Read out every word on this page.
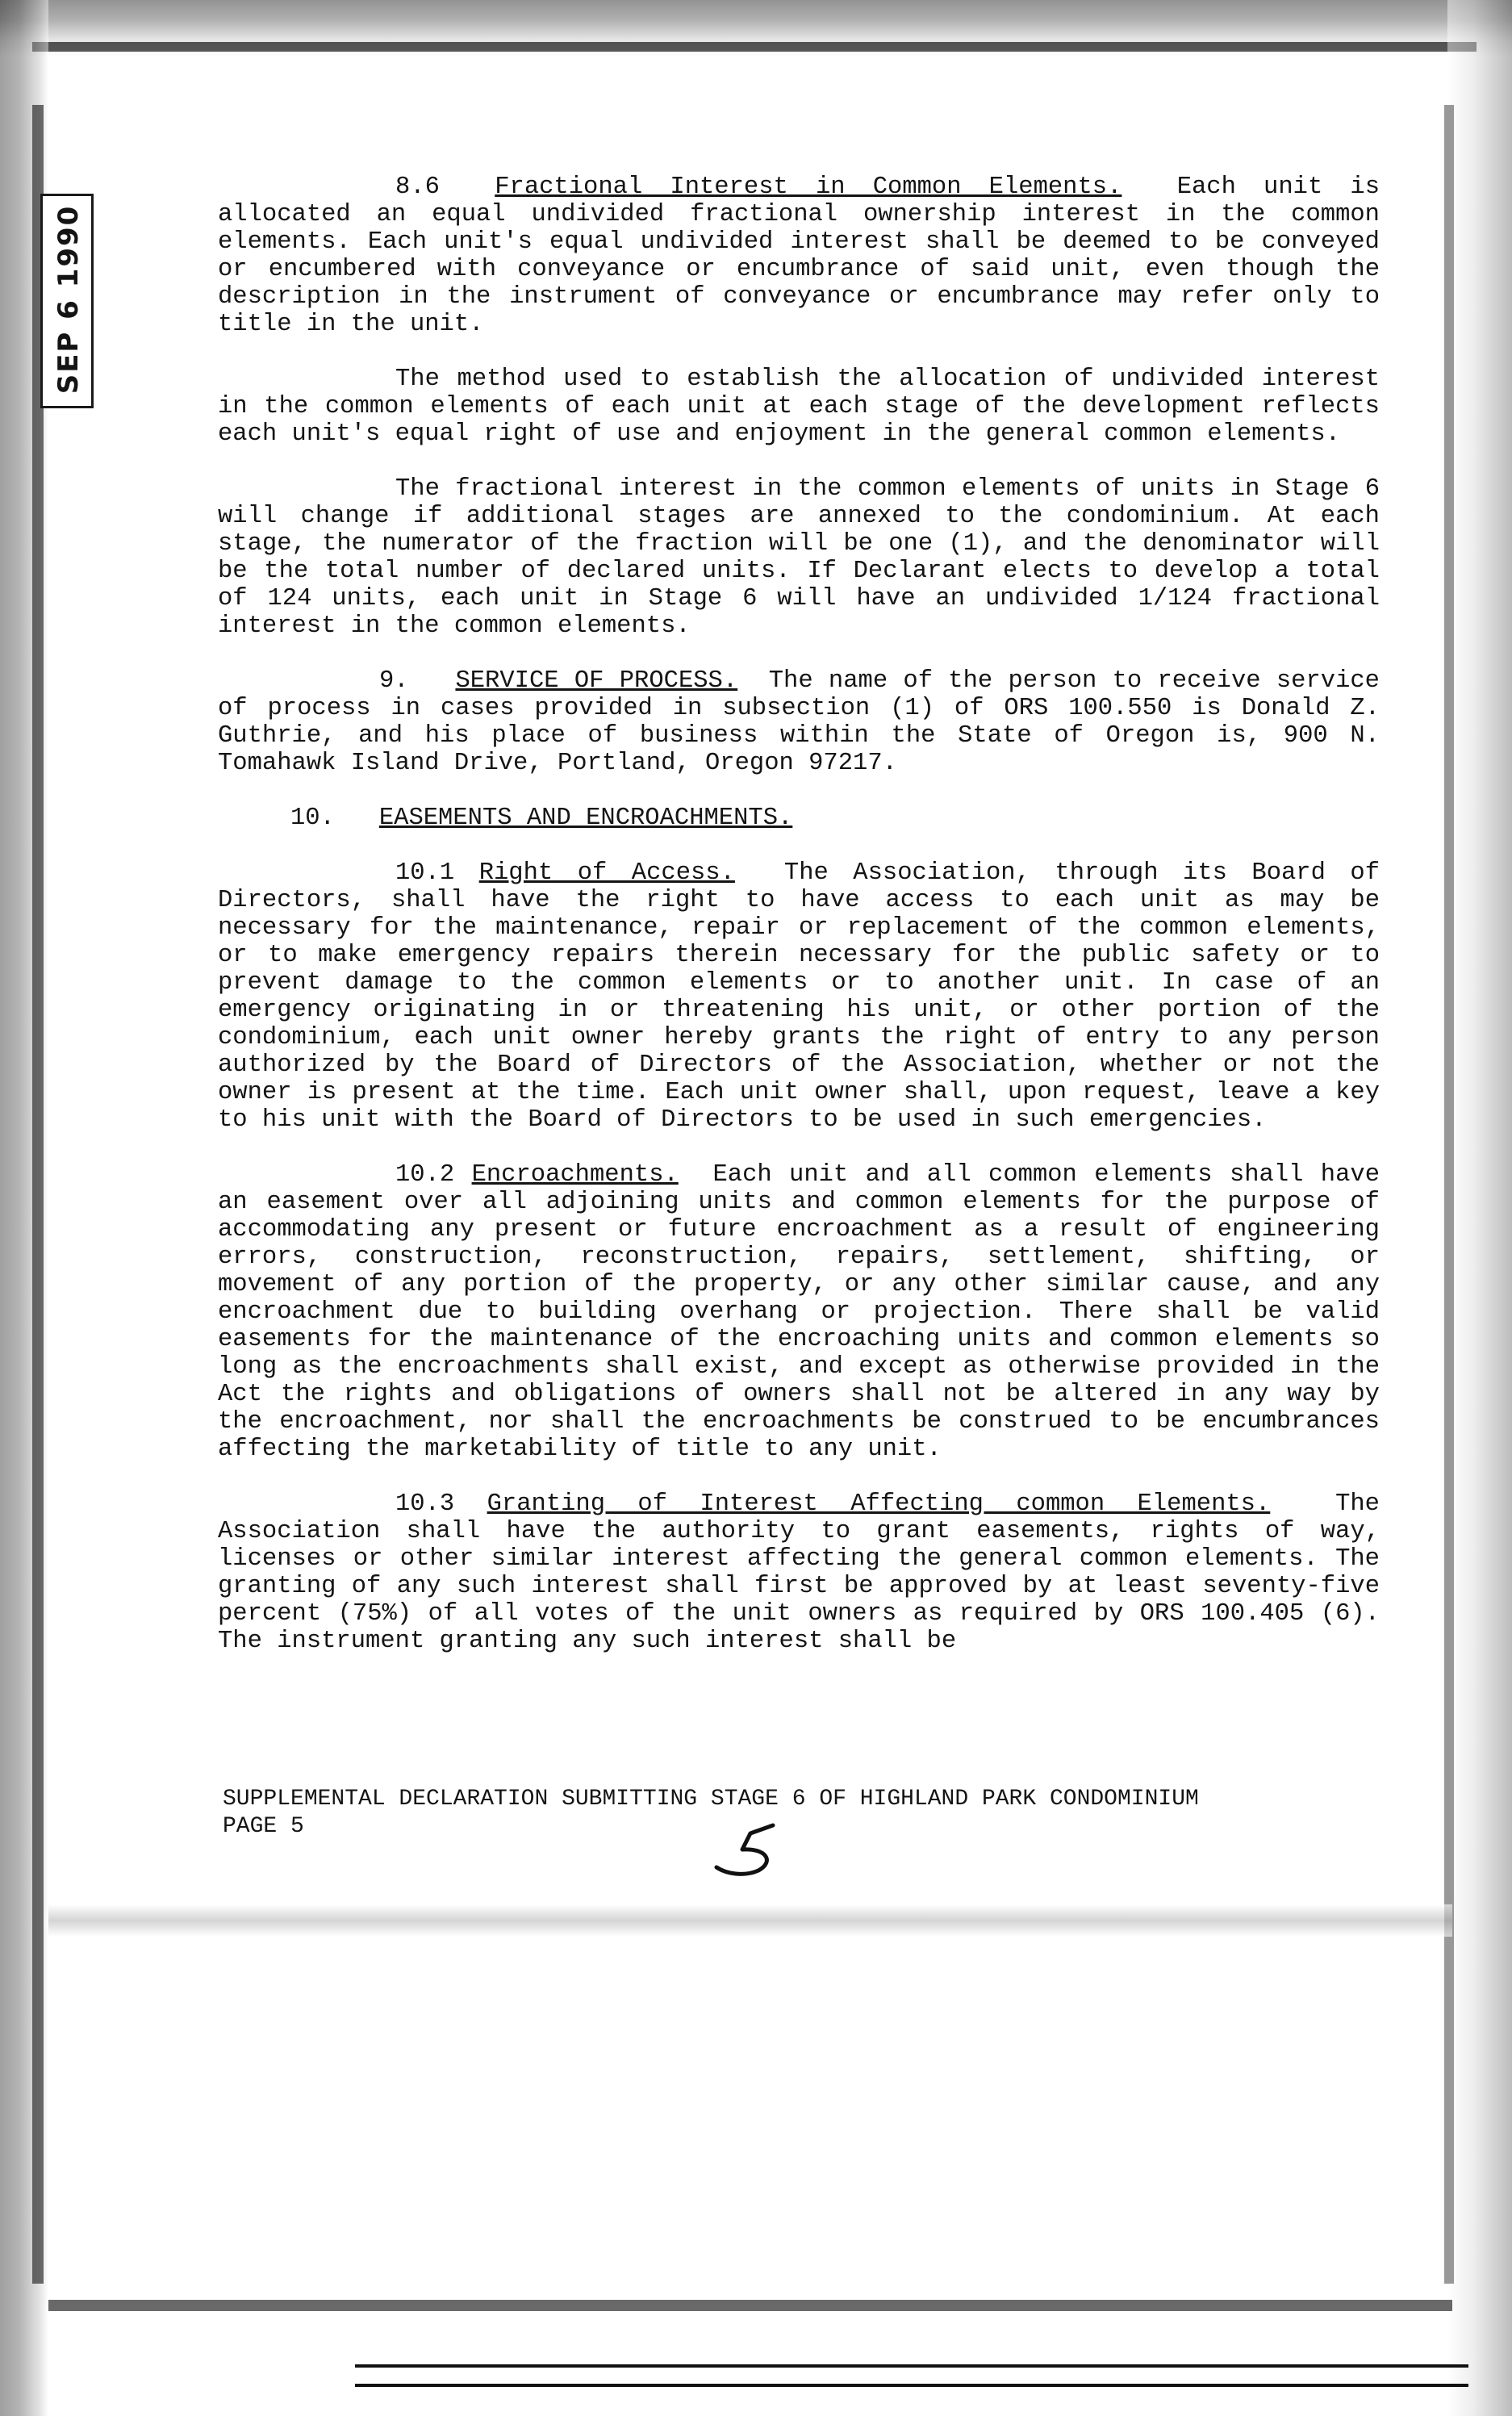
SEP 6 1990

8.6 Fractional Interest in Common Elements. Each unit is allocated an equal undivided fractional ownership interest in the common elements. Each unit's equal undivided interest shall be deemed to be conveyed or encumbered with conveyance or encumbrance of said unit, even though the description in the instrument of conveyance or encumbrance may refer only to title in the unit.

The method used to establish the allocation of undivided interest in the common elements of each unit at each stage of the development reflects each unit's equal right of use and enjoyment in the general common elements.

The fractional interest in the common elements of units in Stage 6 will change if additional stages are annexed to the condominium. At each stage, the numerator of the fraction will be one (1), and the denominator will be the total number of declared units. If Declarant elects to develop a total of 124 units, each unit in Stage 6 will have an undivided 1/124 fractional interest in the common elements.

9. SERVICE OF PROCESS. The name of the person to receive service of process in cases provided in subsection (1) of ORS 100.550 is Donald Z. Guthrie, and his place of business within the State of Oregon is, 900 N. Tomahawk Island Drive, Portland, Oregon 97217.

10. EASEMENTS AND ENCROACHMENTS.

10.1 Right of Access. The Association, through its Board of Directors, shall have the right to have access to each unit as may be necessary for the maintenance, repair or replacement of the common elements, or to make emergency repairs therein necessary for the public safety or to prevent damage to the common elements or to another unit. In case of an emergency originating in or threatening his unit, or other portion of the condominium, each unit owner hereby grants the right of entry to any person authorized by the Board of Directors of the Association, whether or not the owner is present at the time. Each unit owner shall, upon request, leave a key to his unit with the Board of Directors to be used in such emergencies.

10.2 Encroachments. Each unit and all common elements shall have an easement over all adjoining units and common elements for the purpose of accommodating any present or future encroachment as a result of engineering errors, construction, reconstruction, repairs, settlement, shifting, or movement of any portion of the property, or any other similar cause, and any encroachment due to building overhang or projection. There shall be valid easements for the maintenance of the encroaching units and common elements so long as the encroachments shall exist, and except as otherwise provided in the Act the rights and obligations of owners shall not be altered in any way by the encroachment, nor shall the encroachments be construed to be encumbrances affecting the marketability of title to any unit.

10.3 Granting of Interest Affecting common Elements.	The Association shall have the authority to grant easements, rights of way, licenses or other similar interest affecting the general common elements. The granting of any such interest shall first be approved by at least seventy-five percent (75%) of all votes of the unit owners as required by ORS 100.405 (6). The instrument granting any such interest shall be

SUPPLEMENTAL DECLARATION SUBMITTING STAGE 6 OF HIGHLAND PARK CONDOMINIUM
PAGE 5
